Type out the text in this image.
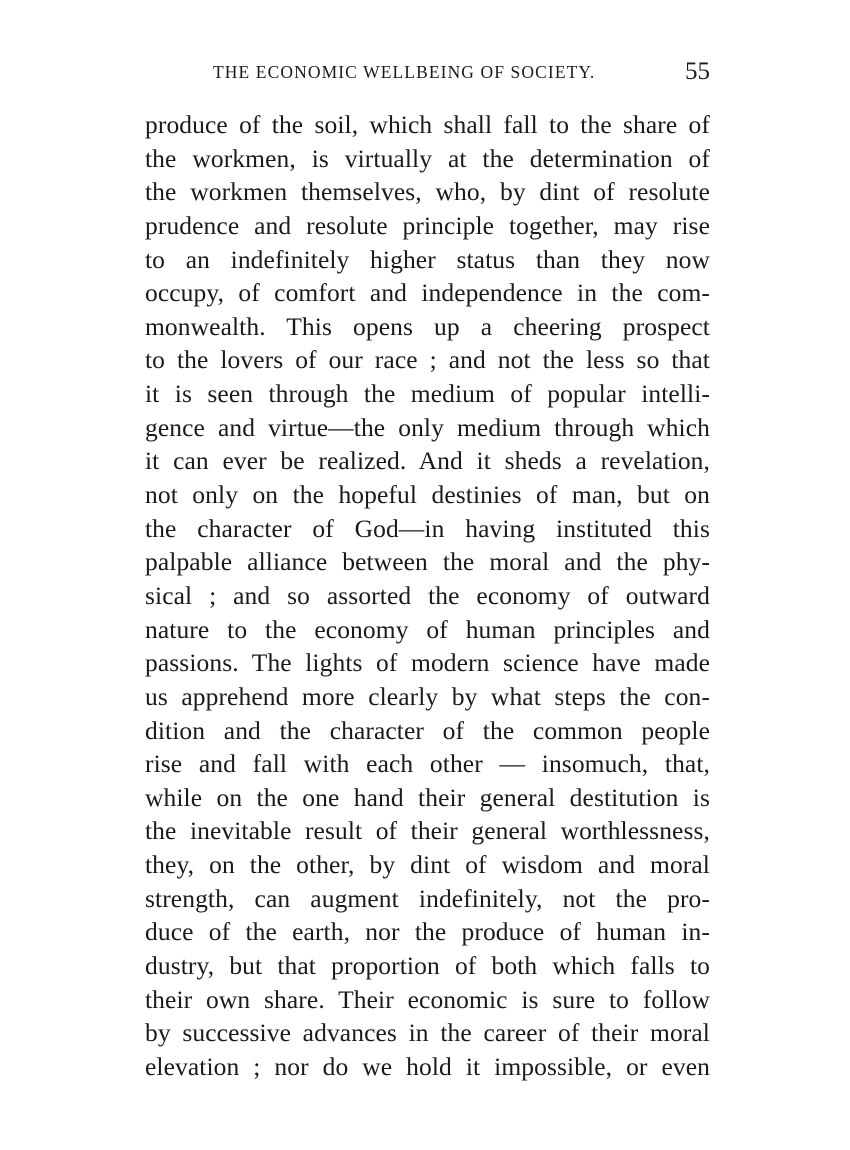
THE ECONOMIC WELLBEING OF SOCIETY.	55
produce of the soil, which shall fall to the share of
the workmen, is virtually at the determination of
the workmen themselves, who, by dint of resolute
prudence and resolute principle together, may rise
to an indefinitely higher status than they now
occupy, of comfort and independence in the com-
monwealth. This opens up a cheering prospect
to the lovers of our race ; and not the less so that
it is seen through the medium of popular intelli-
gence and virtue—the only medium through which
it can ever be realized. And it sheds a revelation,
not only on the hopeful destinies of man, but on
the character of God—in having instituted this
palpable alliance between the moral and the phy-
sical ; and so assorted the economy of outward
nature to the economy of human principles and
passions. The lights of modern science have made
us apprehend more clearly by what steps the con-
dition and the character of the common people
rise and fall with each other — insomuch, that,
while on the one hand their general destitution is
the inevitable result of their general worthlessness,
they, on the other, by dint of wisdom and moral
strength, can augment indefinitely, not the pro-
duce of the earth, nor the produce of human in-
dustry, but that proportion of both which falls to
their own share. Their economic is sure to follow
by successive advances in the career of their moral
elevation ; nor do we hold it impossible, or even
